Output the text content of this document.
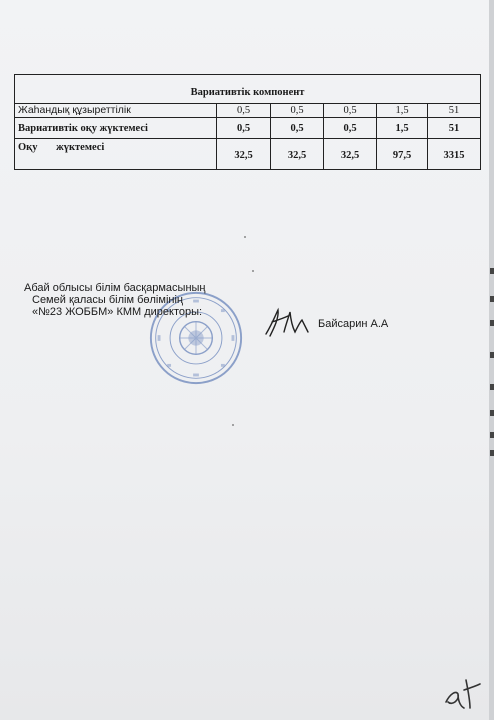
Вариативтік компонент					
Жаһандық құзыреттілік	0,5	0,5	0,5	1,5	51
Вариативтік оқу жүктемесі	0,5	0,5	0,5	1,5	51
Оқу жүктемесі	32,5	32,5	32,5	97,5	3315
Абай облысы білім басқармасының
Семей қаласы білім бөлімінің
«№23 ЖОББМ» КММ директоры:
Байсарин А.А
